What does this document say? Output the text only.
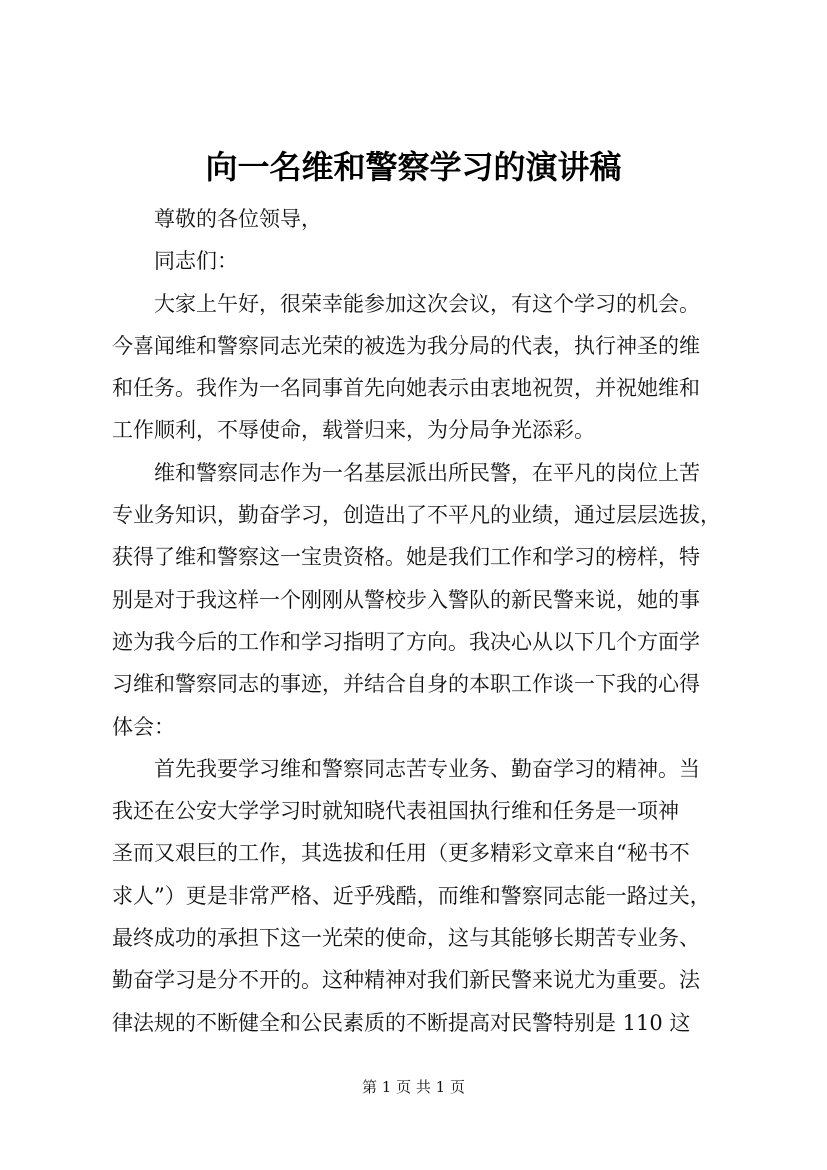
向一名维和警察学习的演讲稿
尊敬的各位领导，
同志们：
大家上午好，很荣幸能参加这次会议，有这个学习的机会。
今喜闻维和警察同志光荣的被选为我分局的代表，执行神圣的维
和任务。我作为一名同事首先向她表示由衷地祝贺，并祝她维和
工作顺利，不辱使命，载誉归来，为分局争光添彩。
维和警察同志作为一名基层派出所民警，在平凡的岗位上苦
专业务知识，勤奋学习，创造出了不平凡的业绩，通过层层选拔，
获得了维和警察这一宝贵资格。她是我们工作和学习的榜样，特
别是对于我这样一个刚刚从警校步入警队的新民警来说，她的事
迹为我今后的工作和学习指明了方向。我决心从以下几个方面学
习维和警察同志的事迹，并结合自身的本职工作谈一下我的心得
体会：
首先我要学习维和警察同志苦专业务、勤奋学习的精神。当
我还在公安大学学习时就知晓代表祖国执行维和任务是一项神
圣而又艰巨的工作，其选拔和任用（更多精彩文章来自“秘书不
求人”）更是非常严格、近乎残酷，而维和警察同志能一路过关，
最终成功的承担下这一光荣的使命，这与其能够长期苦专业务、
勤奋学习是分不开的。这种精神对我们新民警来说尤为重要。法
律法规的不断健全和公民素质的不断提高对民警特别是 110 这
第 1 页 共 1 页
